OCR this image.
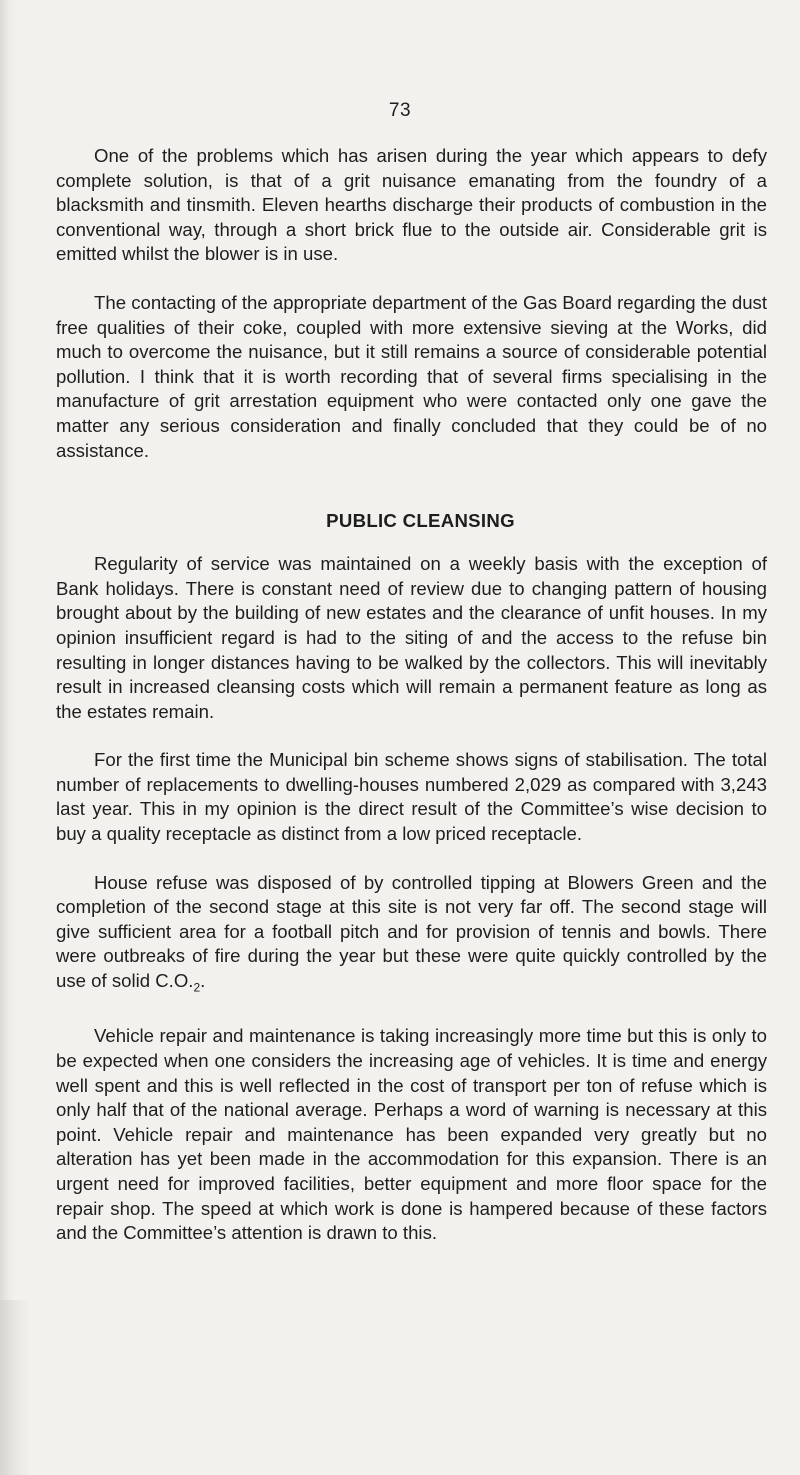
73

One of the problems which has arisen during the year which appears to defy complete solution, is that of a grit nuisance emanating from the foundry of a blacksmith and tinsmith. Eleven hearths discharge their products of combustion in the conventional way, through a short brick flue to the outside air. Considerable grit is emitted whilst the blower is in use.

The contacting of the appropriate department of the Gas Board regarding the dust free qualities of their coke, coupled with more extensive sieving at the Works, did much to overcome the nuisance, but it still remains a source of considerable potential pollution. I think that it is worth recording that of several firms specialising in the manufacture of grit arrestation equipment who were contacted only one gave the matter any serious consideration and finally concluded that they could be of no assistance.

PUBLIC CLEANSING

Regularity of service was maintained on a weekly basis with the exception of Bank holidays. There is constant need of review due to changing pattern of housing brought about by the building of new estates and the clearance of unfit houses. In my opinion insufficient regard is had to the siting of and the access to the refuse bin resulting in longer distances having to be walked by the collectors. This will inevitably result in increased cleansing costs which will remain a permanent feature as long as the estates remain.

For the first time the Municipal bin scheme shows signs of stabilisation. The total number of replacements to dwelling-houses numbered 2,029 as compared with 3,243 last year. This in my opinion is the direct result of the Committee’s wise decision to buy a quality receptacle as distinct from a low priced receptacle.

House refuse was disposed of by controlled tipping at Blowers Green and the completion of the second stage at this site is not very far off. The second stage will give sufficient area for a football pitch and for provision of tennis and bowls. There were outbreaks of fire during the year but these were quite quickly controlled by the use of solid $C.O._2$.

Vehicle repair and maintenance is taking increasingly more time but this is only to be expected when one considers the increasing age of vehicles. It is time and energy well spent and this is well reflected in the cost of transport per ton of refuse which is only half that of the national average. Perhaps a word of warning is necessary at this point. Vehicle repair and maintenance has been expanded very greatly but no alteration has yet been made in the accommodation for this expansion. There is an urgent need for improved facilities, better equipment and more floor space for the repair shop. The speed at which work is done is hampered because of these factors and the Committee’s attention is drawn to this.
